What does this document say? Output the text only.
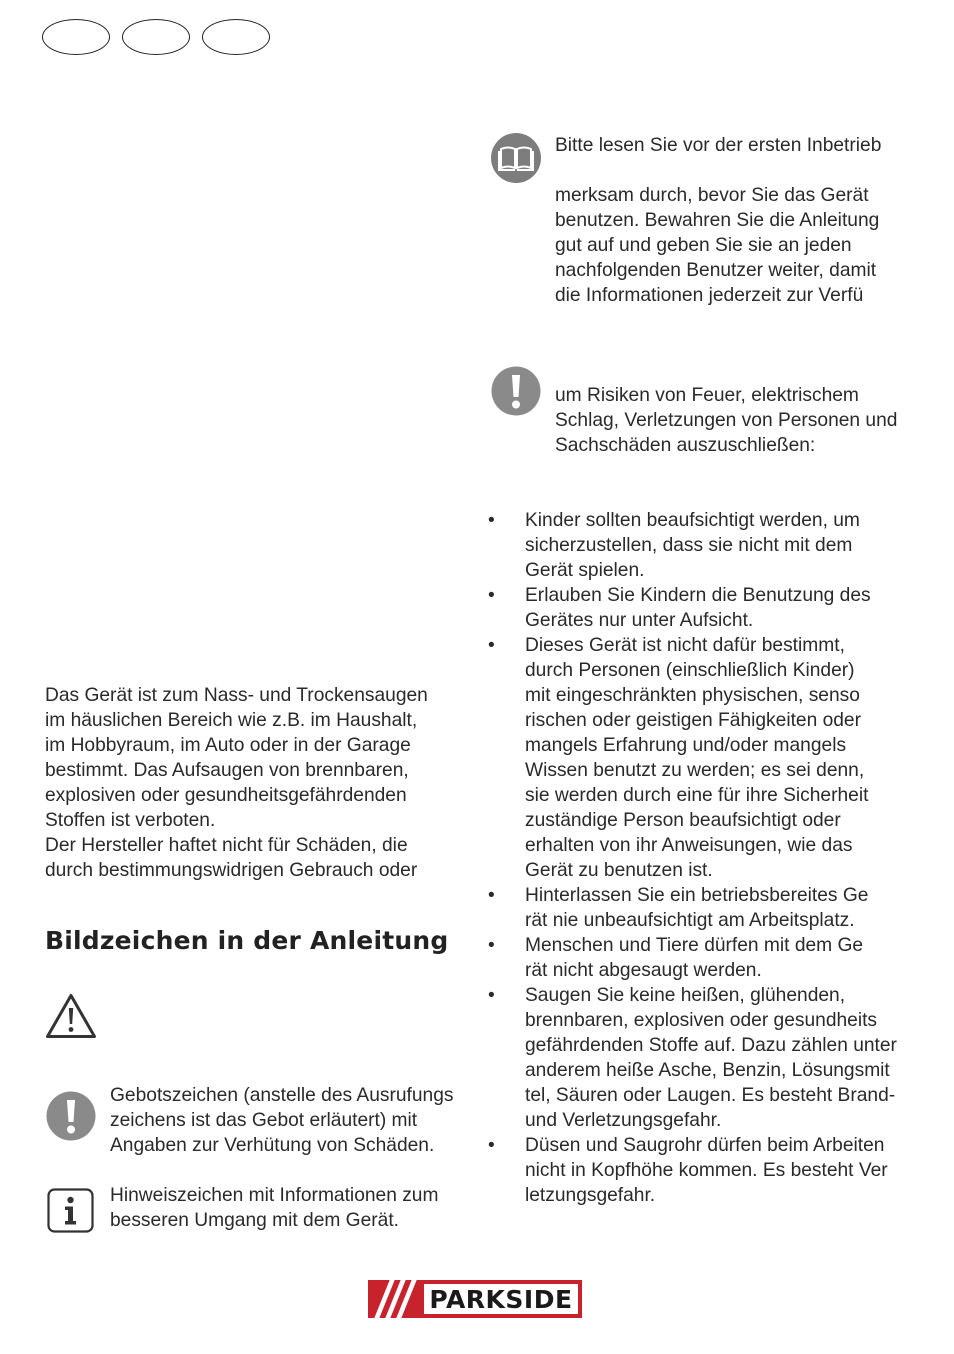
Bitte lesen Sie vor der ersten Inbetrieb

merksam durch, bevor Sie das Gerät

benutzen. Bewahren Sie die Anleitung

gut auf und geben Sie sie an jeden

nachfolgenden Benutzer weiter, damit

die Informationen jederzeit zur Verfü

um Risiken von Feuer, elektrischem

Schlag, Verletzungen von Personen und

Sachschäden auszuschließen:

Das Gerät ist zum Nass- und Trockensaugen

im häuslichen Bereich wie z.B. im Haushalt,

im Hobbyraum, im Auto oder in der Garage

bestimmt. Das Aufsaugen von brennbaren,

explosiven oder gesundheitsgefährdenden

Stoffen ist verboten.

Der Hersteller haftet nicht für Schäden, die

durch bestimmungswidrigen Gebrauch oder

Bildzeichen in der Anleitung

Gebotszeichen (anstelle des Ausrufungs

zeichens ist das Gebot erläutert) mit

Angaben zur Verhütung von Schäden.

Hinweiszeichen mit Informationen zum

besseren Umgang mit dem Gerät.

• Kinder sollten beaufsichtigt werden, um
sicherzustellen, dass sie nicht mit dem
Gerät spielen.
• Erlauben Sie Kindern die Benutzung des
Gerätes nur unter Aufsicht.
• Dieses Gerät ist nicht dafür bestimmt,
durch Personen (einschließlich Kinder)
mit eingeschränkten physischen, senso
rischen oder geistigen Fähigkeiten oder
mangels Erfahrung und/oder mangels
Wissen benutzt zu werden; es sei denn,
sie werden durch eine für ihre Sicherheit
zuständige Person beaufsichtigt oder
erhalten von ihr Anweisungen, wie das
Gerät zu benutzen ist.
• Hinterlassen Sie ein betriebsbereites Ge
rät nie unbeaufsichtigt am Arbeitsplatz.
• Menschen und Tiere dürfen mit dem Ge
rät nicht abgesaugt werden.
• Saugen Sie keine heißen, glühenden,
brennbaren, explosiven oder gesundheits
gefährdenden Stoffe auf. Dazu zählen unter
anderem heiße Asche, Benzin, Lösungsmit
tel, Säuren oder Laugen. Es besteht Brand-
und Verletzungsgefahr.
• Düsen und Saugrohr dürfen beim Arbeiten
nicht in Kopfhöhe kommen. Es besteht Ver
letzungsgefahr.
PARKSIDE
